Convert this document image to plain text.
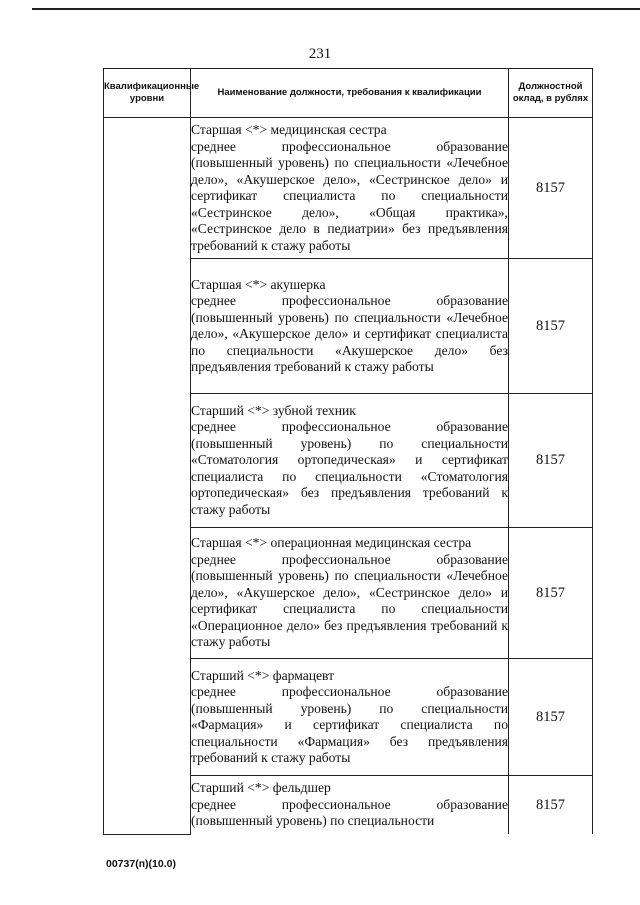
231
Квалификационные уровни	Наименование должности, требования к квалификации	Должностной оклад, в рублях

	Старшая <*> медицинская сестра
среднее профессиональное образование (повышенный уровень) по специальности «Лечебное дело», «Акушерское дело», «Сестринское дело» и сертификат специалиста по специальности «Сестринское дело», «Общая практика», «Сестринское дело в педиатрии» без предъявления требований к стажу работы	8157

	Старшая <*> акушерка
среднее профессиональное образование (повышенный уровень) по специальности «Лечебное дело», «Акушерское дело» и сертификат специалиста по специальности «Акушерское дело» без предъявления требований к стажу работы	8157

	Старший <*> зубной техник
среднее профессиональное образование (повышенный уровень) по специальности «Стоматология ортопедическая» и сертификат специалиста по специальности «Стоматология ортопедическая» без предъявления требований к стажу работы	8157

	Старшая <*> операционная медицинская сестра
среднее профессиональное образование (повышенный уровень) по специальности «Лечебное дело», «Акушерское дело», «Сестринское дело» и сертификат специалиста по специальности «Операционное дело» без предъявления требований к стажу работы	8157

	Старший <*> фармацевт
среднее профессиональное образование (повышенный уровень) по специальности «Фармация» и сертификат специалиста по специальности «Фармация» без предъявления требований к стажу работы	8157

	Старший <*> фельдшер
среднее профессиональное образование (повышенный уровень) по специальности	8157
00737(п)(10.0)
